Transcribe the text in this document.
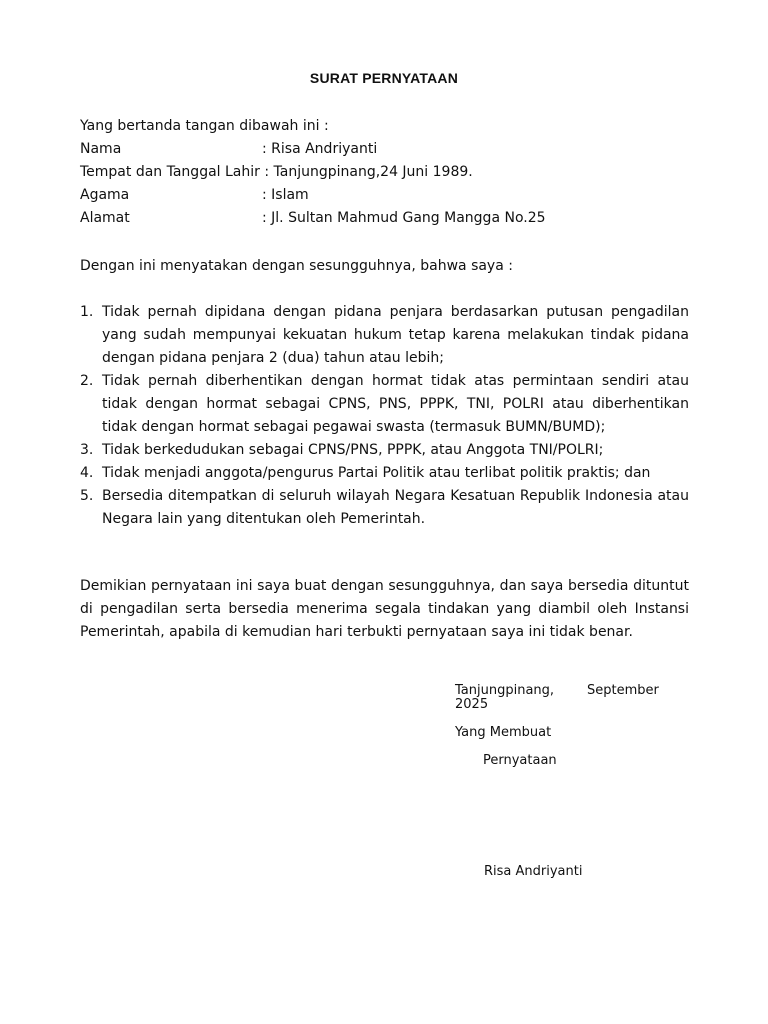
SURAT PERNYATAAN
Yang bertanda tangan dibawah ini :
Nama	: Risa Andriyanti
Tempat dan Tanggal Lahir : Tanjungpinang,24 Juni 1989.
Agama	: Islam
Alamat	: Jl. Sultan Mahmud Gang Mangga No.25
Dengan ini menyatakan dengan sesungguhnya, bahwa saya :
1. Tidak pernah dipidana dengan pidana penjara berdasarkan putusan pengadilan yang sudah mempunyai kekuatan hukum tetap karena melakukan tindak pidana dengan pidana penjara 2 (dua) tahun atau lebih;
2. Tidak pernah diberhentikan dengan hormat tidak atas permintaan sendiri atau tidak dengan hormat sebagai CPNS, PNS, PPPK, TNI, POLRI atau diberhentikan tidak dengan hormat sebagai pegawai swasta (termasuk BUMN/BUMD);
3. Tidak berkedudukan sebagai CPNS/PNS, PPPK, atau Anggota TNI/POLRI;
4. Tidak menjadi anggota/pengurus Partai Politik atau terlibat politik praktis; dan
5. Bersedia ditempatkan di seluruh wilayah Negara Kesatuan Republik Indonesia atau Negara lain yang ditentukan oleh Pemerintah.
Demikian pernyataan ini saya buat dengan sesungguhnya, dan saya bersedia dituntut di pengadilan serta bersedia menerima segala tindakan yang diambil oleh Instansi Pemerintah, apabila di kemudian hari terbukti pernyataan saya ini tidak benar.
Tanjungpinang,	September
2025
Yang Membuat
Pernyataan
Risa Andriyanti
